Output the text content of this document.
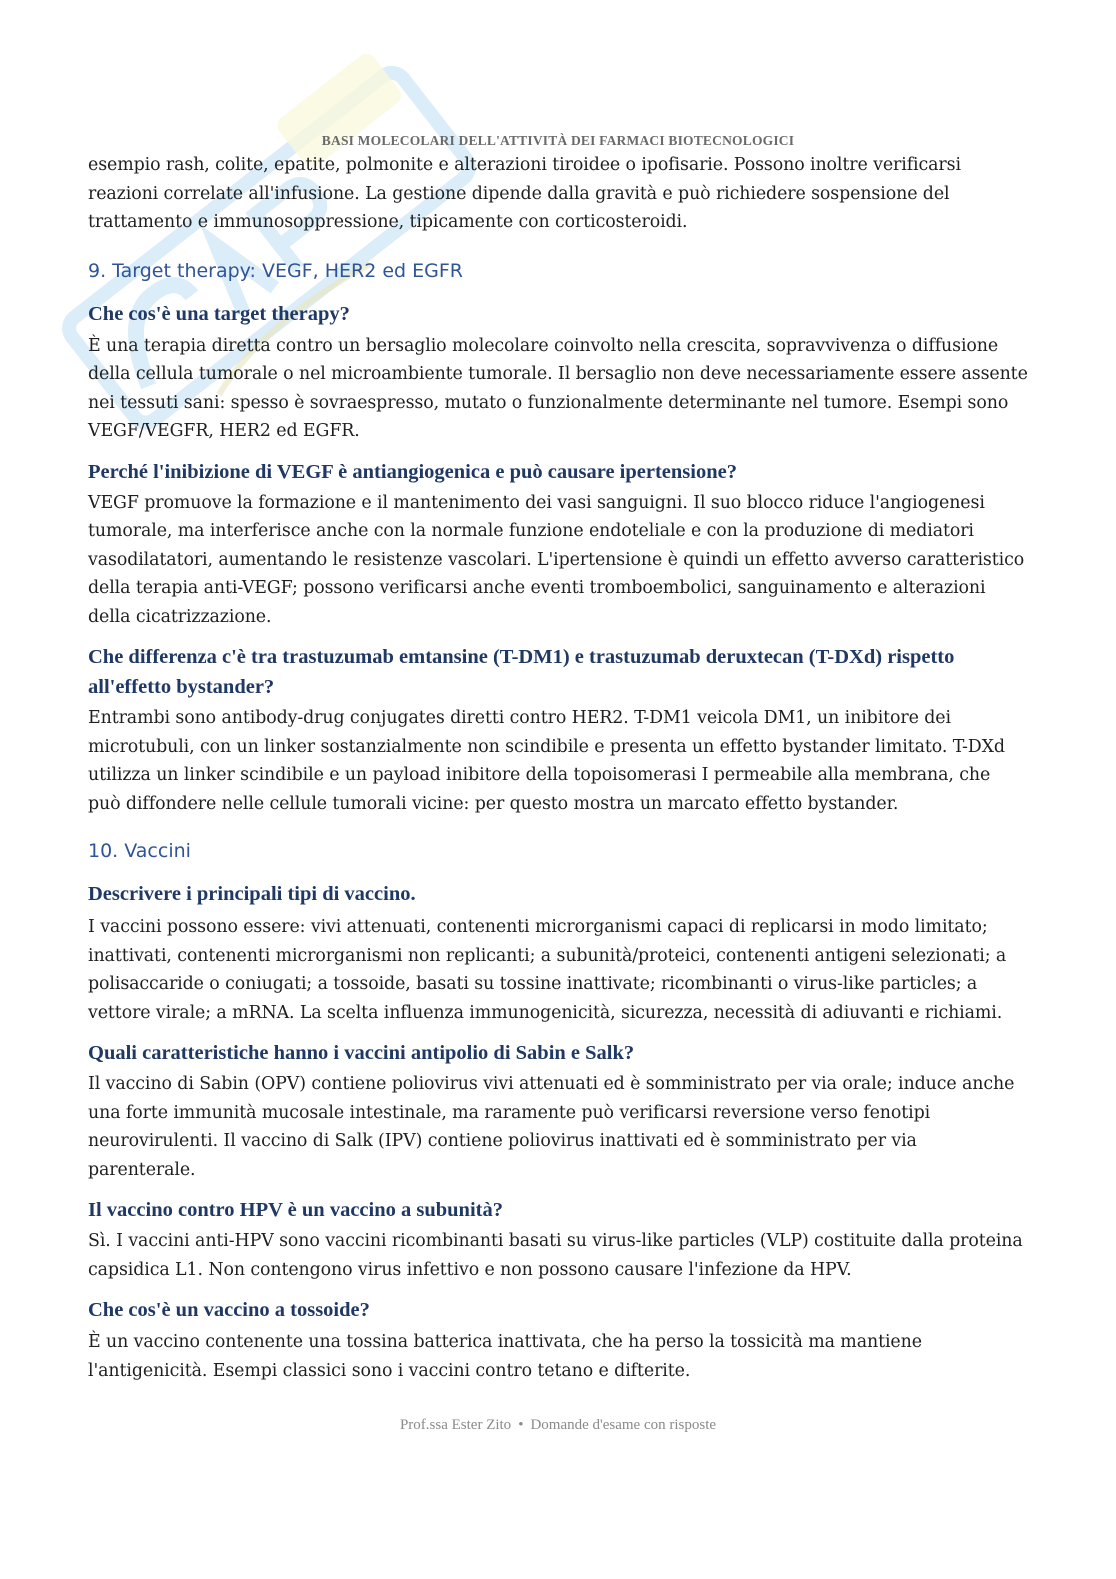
BASI MOLECOLARI DELL'ATTIVITÀ DEI FARMACI BIOTECNOLOGICI

esempio rash, colite, epatite, polmonite e alterazioni tiroidee o ipofisarie. Possono inoltre verificarsi reazioni correlate all'infusione. La gestione dipende dalla gravità e può richiedere sospensione del trattamento e immunosoppressione, tipicamente con corticosteroidi.

9. Target therapy: VEGF, HER2 ed EGFR
Che cos'è una target therapy?

È una terapia diretta contro un bersaglio molecolare coinvolto nella crescita, sopravvivenza o diffusione della cellula tumorale o nel microambiente tumorale. Il bersaglio non deve necessariamente essere assente nei tessuti sani: spesso è sovraespresso, mutato o funzionalmente determinante nel tumore. Esempi sono VEGF/VEGFR, HER2 ed EGFR.

Perché l'inibizione di VEGF è antiangiogenica e può causare ipertensione?

VEGF promuove la formazione e il mantenimento dei vasi sanguigni. Il suo blocco riduce l'angiogenesi tumorale, ma interferisce anche con la normale funzione endoteliale e con la produzione di mediatori vasodilatatori, aumentando le resistenze vascolari. L'ipertensione è quindi un effetto avverso caratteristico della terapia anti-VEGF; possono verificarsi anche eventi tromboembolici, sanguinamento e alterazioni della cicatrizzazione.

Che differenza c'è tra trastuzumab emtansine (T-DM1) e trastuzumab deruxtecan (T-DXd) rispetto all'effetto bystander?

Entrambi sono antibody-drug conjugates diretti contro HER2. T-DM1 veicola DM1, un inibitore dei microtubuli, con un linker sostanzialmente non scindibile e presenta un effetto bystander limitato. T-DXd utilizza un linker scindibile e un payload inibitore della topoisomerasi I permeabile alla membrana, che può diffondere nelle cellule tumorali vicine: per questo mostra un marcato effetto bystander.

10. Vaccini
Descrivere i principali tipi di vaccino.

I vaccini possono essere: vivi attenuati, contenenti microrganismi capaci di replicarsi in modo limitato; inattivati, contenenti microrganismi non replicanti; a subunità/proteici, contenenti antigeni selezionati; a polisaccaride o coniugati; a tossoide, basati su tossine inattivate; ricombinanti o virus-like particles; a vettore virale; a mRNA. La scelta influenza immunogenicità, sicurezza, necessità di adiuvanti e richiami.

Quali caratteristiche hanno i vaccini antipolio di Sabin e Salk?

Il vaccino di Sabin (OPV) contiene poliovirus vivi attenuati ed è somministrato per via orale; induce anche una forte immunità mucosale intestinale, ma raramente può verificarsi reversione verso fenotipi neurovirulenti. Il vaccino di Salk (IPV) contiene poliovirus inattivati ed è somministrato per via parenterale.

Il vaccino contro HPV è un vaccino a subunità?

Sì. I vaccini anti-HPV sono vaccini ricombinanti basati su virus-like particles (VLP) costituite dalla proteina capsidica L1. Non contengono virus infettivo e non possono causare l'infezione da HPV.

Che cos'è un vaccino a tossoide?

È un vaccino contenente una tossina batterica inattivata, che ha perso la tossicità ma mantiene l'antigenicità. Esempi classici sono i vaccini contro tetano e difterite.

Prof.ssa Ester Zito • Domande d'esame con risposte
